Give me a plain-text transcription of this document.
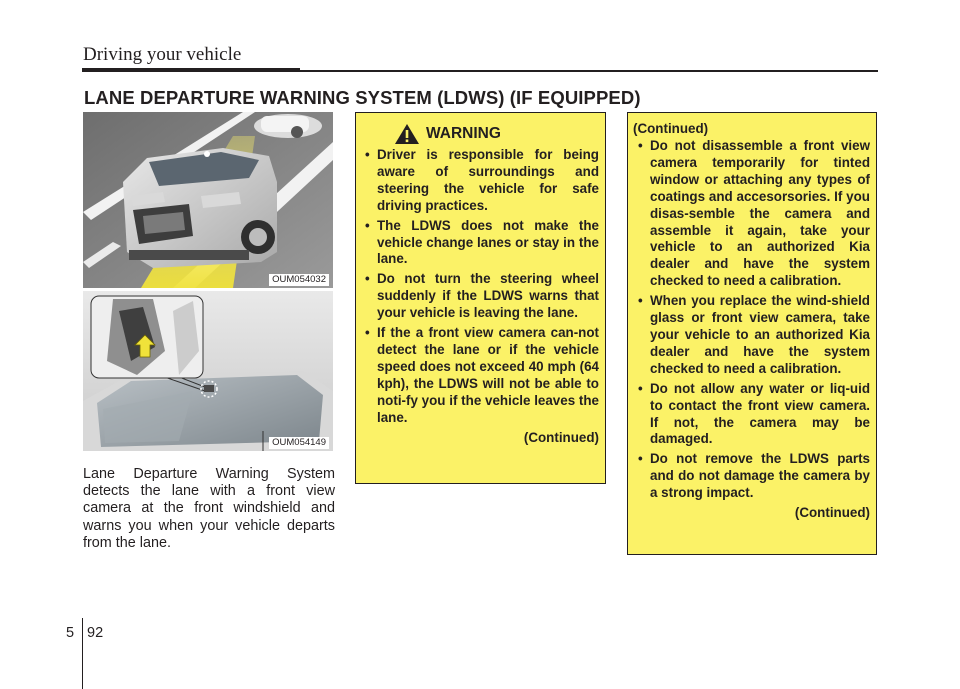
Driving your vehicle
LANE DEPARTURE WARNING SYSTEM (LDWS) (IF EQUIPPED)
OUM054032
OUM054149
Lane Departure Warning System detects the lane with a front view camera at the front windshield and warns you when your vehicle departs from the lane.
WARNING
• Driver is responsible for being aware of surroundings and steering the vehicle for safe driving practices.
• The LDWS does not make the vehicle change lanes or stay in the lane.
• Do not turn the steering wheel suddenly if the LDWS warns that your vehicle is leaving the lane.
• If the a front view camera can-not detect the lane or if the vehicle speed does not exceed 40 mph (64 kph), the LDWS will not be able to noti-fy you if the vehicle leaves the lane.
(Continued)
(Continued)
• Do not disassemble a front view camera temporarily for tinted window or attaching any types of coatings and accesorsories. If you disas-semble the camera and assemble it again, take your vehicle to an authorized Kia dealer and have the system checked to need a calibration.
• When you replace the wind-shield glass or front view camera, take your vehicle to an authorized Kia dealer and have the system checked to need a calibration.
• Do not allow any water or liq-uid to contact the front view camera. If not, the camera may be damaged.
• Do not remove the LDWS parts and do not damage the camera by a strong impact.
(Continued)
5 92
